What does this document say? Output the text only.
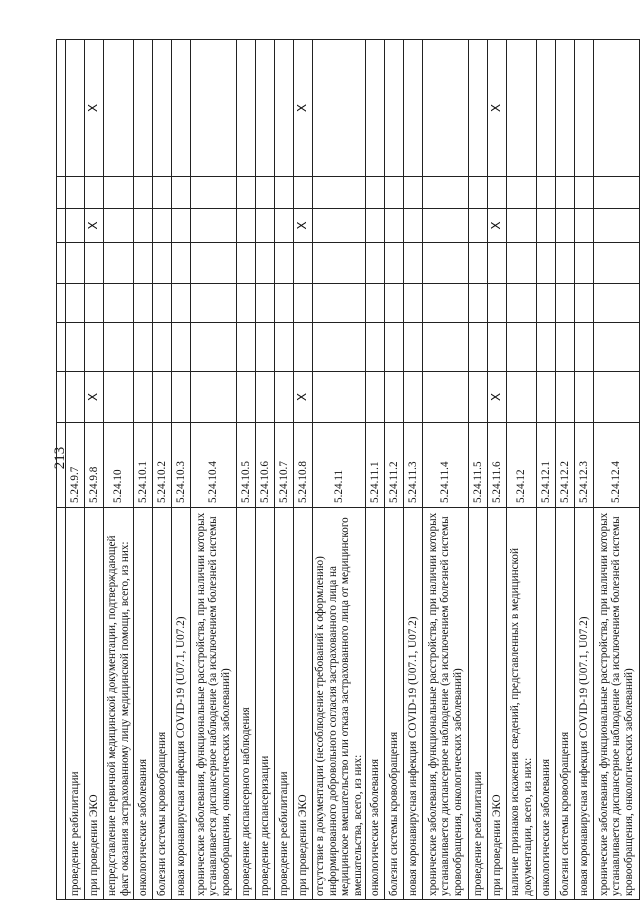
213

проведение реабилитации	5.24.9.7							
при проведении ЭКО	5.24.9.8	X				X		X
непредставление первичной медицинской документации, подтверждающей факт оказания застрахованному лицу медицинской помощи, всего, из них:	5.24.10							
онкологические заболевания	5.24.10.1							
болезни системы кровообращения	5.24.10.2							
новая коронавирусная инфекция COVID-19 (U07.1, U07.2)	5.24.10.3							
хронические заболевания, функциональные расстройства, при наличии которых устанавливается диспансерное наблюдение (за исключением болезней системы кровообращения, онкологических заболеваний)	5.24.10.4							
проведение диспансерного наблюдения	5.24.10.5							
проведение диспансеризации	5.24.10.6							
проведение реабилитации	5.24.10.7							
при проведении ЭКО	5.24.10.8	X				X		X
отсутствие в документации (несоблюдение требований к оформлению) информированного добровольного согласия застрахованного лица на медицинское вмешательство или отказа застрахованного лица от медицинского вмешательства, всего, из них:	5.24.11							
онкологические заболевания	5.24.11.1							
болезни системы кровообращения	5.24.11.2							
новая коронавирусная инфекция COVID-19 (U07.1, U07.2)	5.24.11.3							
хронические заболевания, функциональные расстройства, при наличии которых устанавливается диспансерное наблюдение (за исключением болезней системы кровообращения, онкологических заболеваний)	5.24.11.4							
проведение реабилитации	5.24.11.5							
при проведении ЭКО	5.24.11.6	X				X		X
наличие признаков искажения сведений, представленных в медицинской документации, всего, из них:	5.24.12							
онкологические заболевания	5.24.12.1							
болезни системы кровообращения	5.24.12.2							
новая коронавирусная инфекция COVID-19 (U07.1, U07.2)	5.24.12.3							
хронические заболевания, функциональные расстройства, при наличии которых устанавливается диспансерное наблюдение (за исключением болезней системы кровообращения, онкологических заболеваний)	5.24.12.4							
